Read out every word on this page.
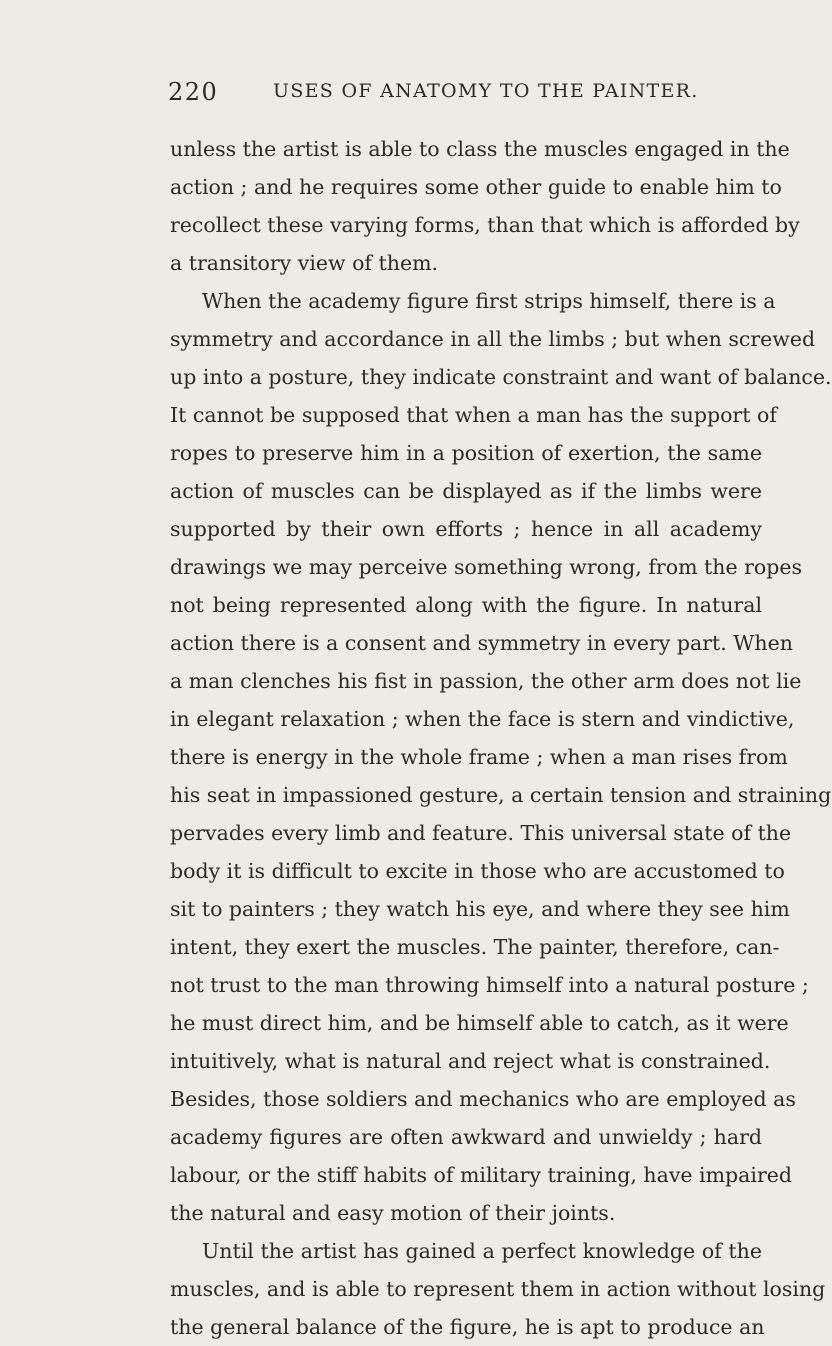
220	USES OF ANATOMY TO THE PAINTER.
unless the artist is able to class the muscles engaged in the
action ; and he requires some other guide to enable him to
recollect these varying forms, than that which is afforded by
a transitory view of them.
When the academy figure first strips himself, there is a
symmetry and accordance in all the limbs ; but when screwed
up into a posture, they indicate constraint and want of balance.
It cannot be supposed that when a man has the support of
ropes to preserve him in a position of exertion, the same
action of muscles can be displayed as if the limbs were
supported by their own efforts ; hence in all academy
drawings we may perceive something wrong, from the ropes
not being represented along with the figure. In natural
action there is a consent and symmetry in every part. When
a man clenches his fist in passion, the other arm does not lie
in elegant relaxation ; when the face is stern and vindictive,
there is energy in the whole frame ; when a man rises from
his seat in impassioned gesture, a certain tension and straining
pervades every limb and feature. This universal state of the
body it is difficult to excite in those who are accustomed to
sit to painters ; they watch his eye, and where they see him
intent, they exert the muscles. The painter, therefore, can-
not trust to the man throwing himself into a natural posture ;
he must direct him, and be himself able to catch, as it were
intuitively, what is natural and reject what is constrained.
Besides, those soldiers and mechanics who are employed as
academy figures are often awkward and unwieldy ; hard
labour, or the stiff habits of military training, have impaired
the natural and easy motion of their joints.
Until the artist has gained a perfect knowledge of the
muscles, and is able to represent them in action without losing
the general balance of the figure, he is apt to produce an
